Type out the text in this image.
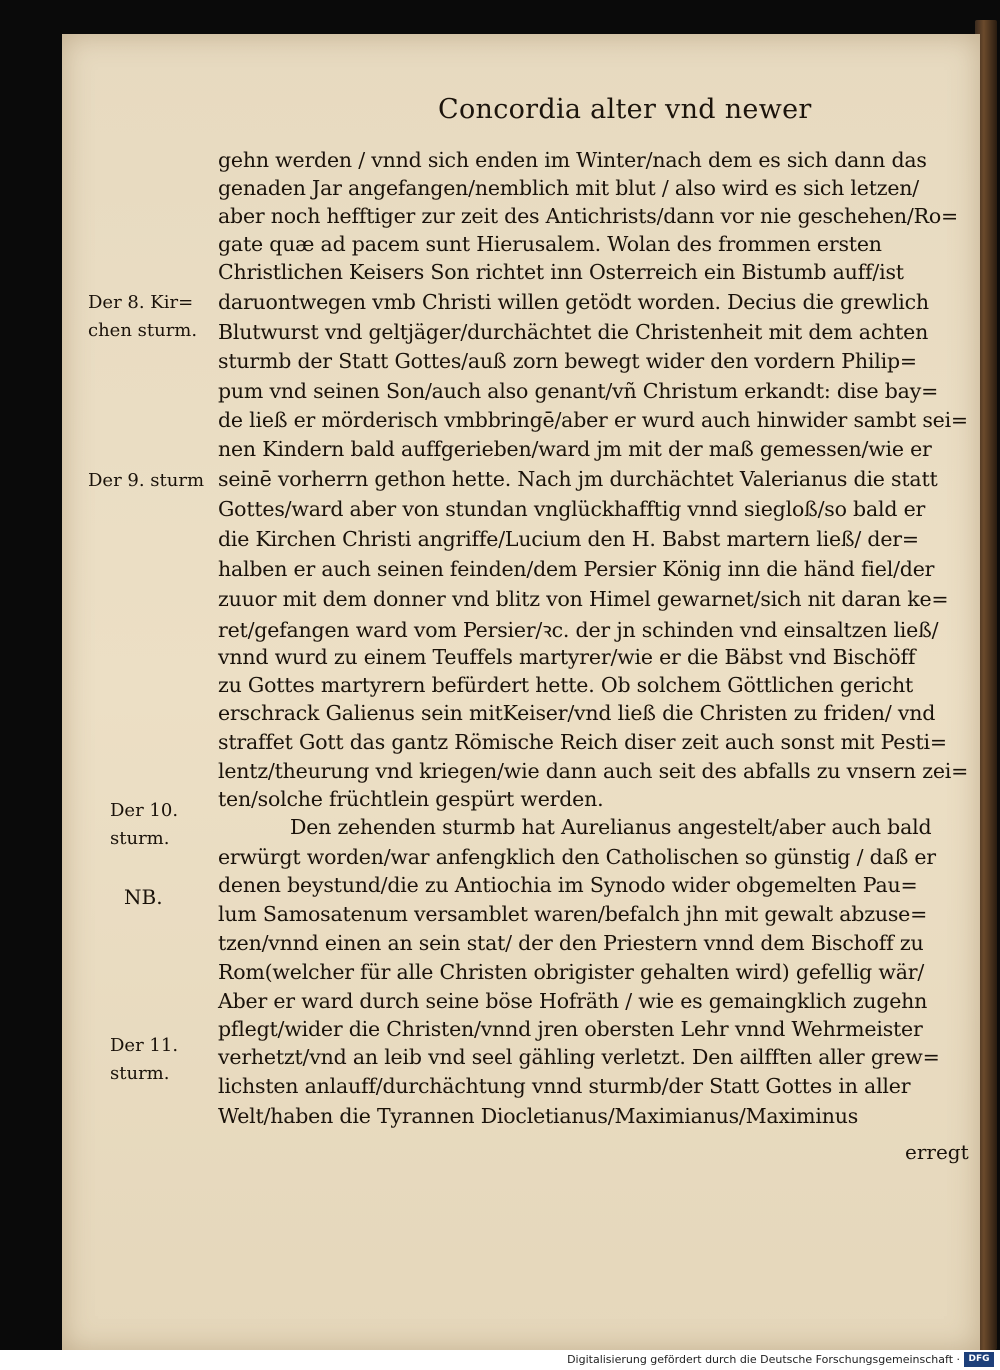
Concordia alter vnd newer
gehn werden / vnnd sich enden im Winter/nach dem es sich dann das
genaden Jar angefangen/nemblich mit blut / also wird es sich letzen/
aber noch hefftiger zur zeit des Antichrists/dann vor nie geschehen/Ro=
gate quæ ad pacem sunt Hierusalem. Wolan des frommen ersten
Christlichen Keisers Son richtet inn Osterreich ein Bistumb auff/ist
daruontwegen vmb Christi willen getödt worden. Decius die grewlich
Blutwurst vnd geltjäger/durchächtet die Christenheit mit dem achten
sturmb der Statt Gottes/auß zorn bewegt wider den vordern Philip=
pum vnd seinen Son/auch also genant/vñ Christum erkandt: dise bay=
de ließ er mörderisch vmbbringē/aber er wurd auch hinwider sambt sei=
nen Kindern bald auffgerieben/ward jm mit der maß gemessen/wie er
seinē vorherrn gethon hette. Nach jm durchächtet Valerianus die statt
Gottes/ward aber von stundan vnglückhafftig vnnd siegloß/so bald er
die Kirchen Christi angriffe/Lucium den H. Babst martern ließ/ der=
halben er auch seinen feinden/dem Persier König inn die händ fiel/der
zuuor mit dem donner vnd blitz von Himel gewarnet/sich nit daran ke=
ret/gefangen ward vom Persier/ꝛc. der jn schinden vnd einsaltzen ließ/
vnnd wurd zu einem Teuffels martyrer/wie er die Bäbst vnd Bischöff
zu Gottes martyrern befürdert hette. Ob solchem Göttlichen gericht
erschrack Galienus sein mitKeiser/vnd ließ die Christen zu friden/ vnd
straffet Gott das gantz Römische Reich diser zeit auch sonst mit Pesti=
lentz/theurung vnd kriegen/wie dann auch seit des abfalls zu vnsern zei=
ten/solche früchtlein gespürt werden.
Den zehenden sturmb hat Aurelianus angestelt/aber auch bald
erwürgt worden/war anfengklich den Catholischen so günstig / daß er
denen beystund/die zu Antiochia im Synodo wider obgemelten Pau=
lum Samosatenum versamblet waren/befalch jhn mit gewalt abzuse=
tzen/vnnd einen an sein stat/ der den Priestern vnnd dem Bischoff zu
Rom(welcher für alle Christen obrigister gehalten wird) gefellig wär/
Aber er ward durch seine böse Hofräth / wie es gemaingklich zugehn
pflegt/wider die Christen/vnnd jren obersten Lehr vnnd Wehrmeister
verhetzt/vnd an leib vnd seel gähling verletzt. Den ailfften aller grew=
lichsten anlauff/durchächtung vnnd sturmb/der Statt Gottes in aller
Welt/haben die Tyrannen Diocletianus/Maximianus/Maximinus
erregt
Der 8. Kir=
chen sturm.
Der 9. sturm
Der 10.
sturm.
NB.
Der 11.
sturm.
Digitalisierung gefördert durch die Deutsche Forschungsgemeinschaft · DFG
